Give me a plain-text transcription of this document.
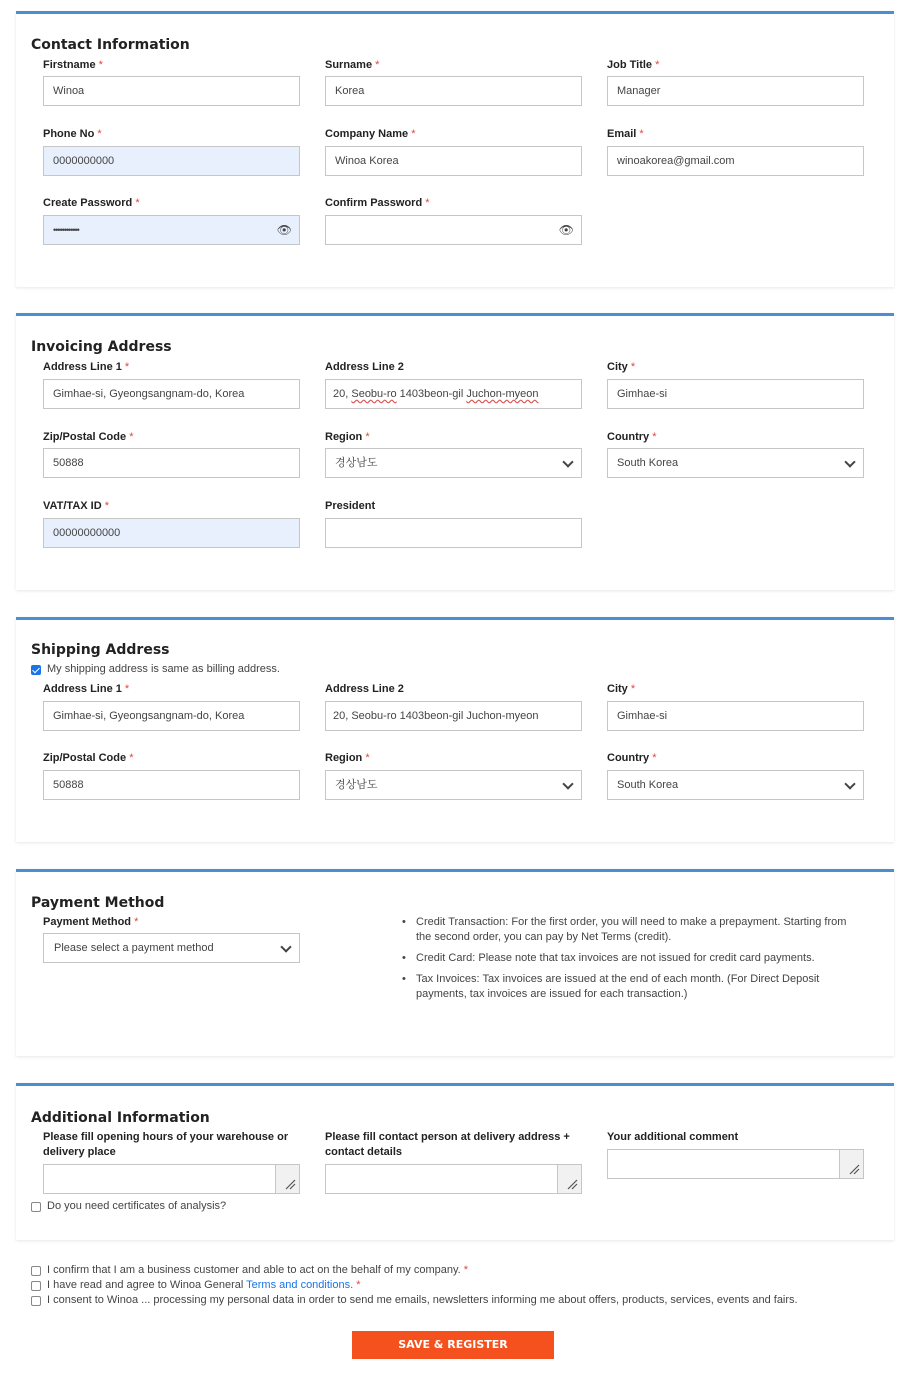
Contact Information
Firstname *
Winoa
Surname *
Korea
Job Title *
Manager
Phone No *
0000000000
Company Name *
Winoa Korea
Email *
winoakorea@gmail.com
Create Password *
••••••••••••	👁
Confirm Password *
👁
Invoicing Address
Address Line 1 *
Gimhae-si, Gyeongsangnam-do, Korea
Address Line 2
20, Seobu-ro 1403beon-gil Juchon-myeon
City *
Gimhae-si
Zip/Postal Code *
50888
Region *
경상남도
Country *
South Korea
VAT/TAX ID *
00000000000
President
Shipping Address
My shipping address is same as billing address.
Address Line 1 *
Gimhae-si, Gyeongsangnam-do, Korea
Address Line 2
20, Seobu-ro 1403beon-gil Juchon-myeon
City *
Gimhae-si
Zip/Postal Code *
50888
Region *
경상남도
Country *
South Korea
Payment Method
Payment Method *
Please select a payment method
• Credit Transaction: For the first order, you will need to make a prepayment. Starting from the second order, you can pay by Net Terms (credit).
• Credit Card: Please note that tax invoices are not issued for credit card payments.
• Tax Invoices: Tax invoices are issued at the end of each month. (For Direct Deposit payments, tax invoices are issued for each transaction.)
Additional Information
Please fill opening hours of your warehouse or delivery place
Please fill contact person at delivery address + contact details
Your additional comment
Do you need certificates of analysis?
I confirm that I am a business customer and able to act on the behalf of my company. *
I have read and agree to Winoa General Terms and conditions. *
I consent to Winoa ... processing my personal data in order to send me emails, newsletters informing me about offers, products, services, events and fairs.
SAVE & REGISTER
